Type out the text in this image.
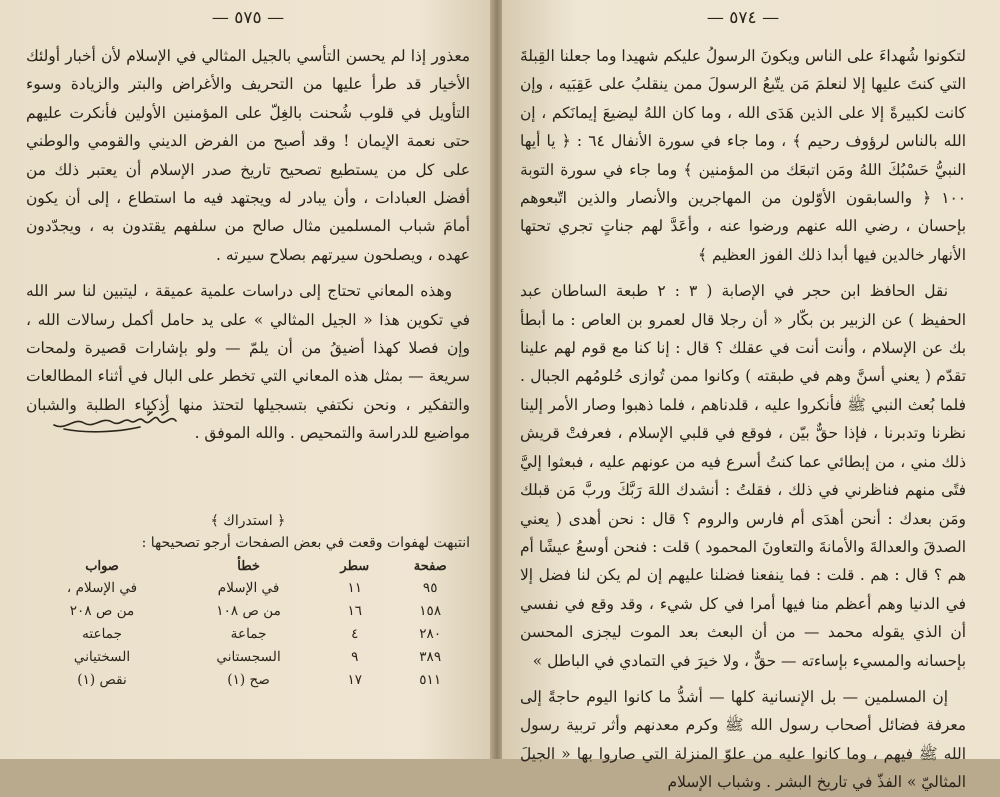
— ٥٧٥ —

معذور إذا لم يحسن التأسي بالجيل المثالي في الإسلام لأن أخبار أولئك الأخيار قد طرأ عليها من التحريف والأغراض والبتر والزيادة وسوء التأويل في قلوب شُحنت بالغِلّ على المؤمنين الأولين فأنكرت عليهم حتى نعمة الإيمان ! وقد أصبح من الفرض الديني والقومي والوطني على كل من يستطيع تصحيح تاريخ صدر الإسلام أن يعتبر ذلك من أفضل العبادات ، وأن يبادر له ويجتهد فيه ما استطاع ، إلى أن يكون أمامَ شباب المسلمين مثال صالح من سلفهم يقتدون به ، ويجدّدون عهده ، ويصلحون سيرتهم بصلاح سيرته .

وهذه المعاني تحتاج إلى دراسات علمية عميقة ، ليتبين لنا سر الله في تكوين هذا « الجيل المثالي » على يد حامل أكمل رسالات الله ، وإن فصلا كهذا أضيقُ من أن يلمّ — ولو بإشارات قصيرة ولمحات سريعة — بمثل هذه المعاني التي تخطر على البال في أثناء المطالعات والتفكير ، ونحن نكتفي بتسجيلها لتحتذ منها أذكياء الطلبة والشبان مواضيع للدراسة والتمحيص . والله الموفق .

محب الدين الخطيب
﴿ استدراك ﴾
انتبهت لهفوات وقعت في بعض الصفحات أرجو تصحيحها :
صفحة	سطر	خطأ	صواب
٩٥	١١	في الإسلام	في الإسلام ،
١٥٨	١٦	من ص ١٠٨	من ص ٢٠٨
٢٨٠	٤	جماعة	جماعته
٣٨٩	٩	السجستاني	السختياني
٥١١	١٧	صح (١)	نقص (١)
— ٥٧٤ —

لتكونوا شُهداءَ على الناس ويكونَ الرسولُ عليكم شهيدا وما جعلنا القِبلةَ التي كنتَ عليها إلا لنعلمَ مَن يتّبعُ الرسولَ ممن ينقلبُ على عَقِبَيه ، وإن كانت لكبيرةً إلا على الذين هَدَى الله ، وما كان اللهُ ليضيعَ إيمانَكم ، إن الله بالناس لرؤوف رحيم ﴾ ، وما جاء في سورة الأنفال ٦٤ : ﴿ يا أيها النبيُّ حَسْبُكَ اللهُ ومَن اتبعَك من المؤمنين ﴾ وما جاء في سورة التوبة ١٠٠ ﴿ والسابقون الأوّلون من المهاجرين والأنصار والذين اتّبعوهم بإحسان ، رضي الله عنهم ورضوا عنه ، وأعَدَّ لهم جناتٍ تجري تحتها الأنهار خالدين فيها أبدا ذلك الفوز العظيم ﴾

نقل الحافظ ابن حجر في الإصابة ( ٣ : ٢ طبعة الساطان عبد الحفيظ ) عن الزبير بن بكّار « أن رجلا قال لعمرو بن العاص : ما أبطأ بك عن الإسلام ، وأنت أنت في عقلك ؟ قال : إنا كنا مع قوم لهم علينا تقدّم ( يعني أسنَّ وهم في طبقته ) وكانوا ممن تُوازى حُلومُهم الجبال . فلما بُعث النبي ﷺ فأنكروا عليه ، قلدناهم ، فلما ذهبوا وصار الأمر إلينا نظرنا وتدبرنا ، فإذا حقٌّ بيّن ، فوقع في قلبي الإسلام ، فعرفتْ قريش ذلك مني ، من إبطائي عما كنتُ أسرع فيه من عونهم عليه ، فبعثوا إليَّ فتًى منهم فناظرني في ذلك ، فقلتُ : أنشدك اللهَ رَبَّكَ وربَّ مَن قبلك ومَن بعدك : أنحن أهدَى أم فارس والروم ؟ قال : نحن أهدى ( يعني الصدقَ والعدالةَ والأمانةَ والتعاونَ المحمود ) قلت : فنحن أوسعُ عيشًا أم هم ؟ قال : هم . قلت : فما ينفعنا فضلنا عليهم إن لم يكن لنا فضل إلا في الدنيا وهم أعظم منا فيها أمرا في كل شيء ، وقد وقع في نفسي أن الذي يقوله محمد — من أن البعث بعد الموت ليجزى المحسن بإحسانه والمسيء بإساءته — حقٌّ ، ولا خيرَ في التمادي في الباطل »

إن المسلمين — بل الإنسانية كلها — أشدُّ ما كانوا اليوم حاجةً إلى معرفة فضائل أصحاب رسول الله ﷺ وكرم معدنهم وأثر تربية رسول الله ﷺ فيهم ، وما كانوا عليه من علوّ المنزلة التي صاروا بها « الجيلَ المثاليّ » الفذّ في تاريخ البشر . وشباب الإسلام
